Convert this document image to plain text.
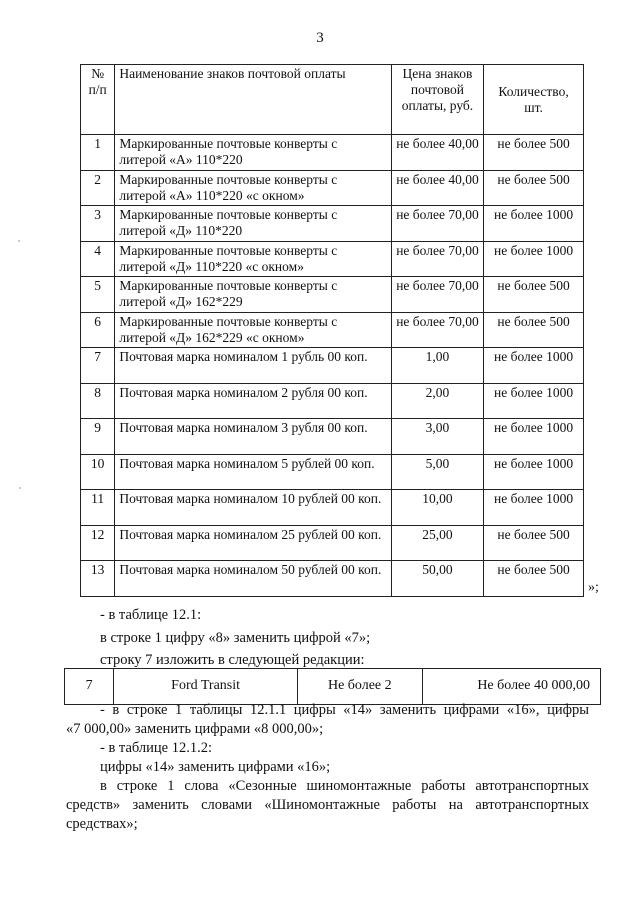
3
№ п/п	Наименование знаков почтовой оплаты	Цена знаков почтовой оплаты, руб.	Количество, шт.
1	Маркированные почтовые конверты с литерой «А» 110*220	не более 40,00	не более 500
2	Маркированные почтовые конверты с литерой «А» 110*220 «с окном»	не более 40,00	не более 500
3	Маркированные почтовые конверты с литерой «Д» 110*220	не более 70,00	не более 1000
4	Маркированные почтовые конверты с литерой «Д» 110*220 «с окном»	не более 70,00	не более 1000
5	Маркированные почтовые конверты с литерой «Д» 162*229	не более 70,00	не более 500
6	Маркированные почтовые конверты с литерой «Д» 162*229 «с окном»	не более 70,00	не более 500
7	Почтовая марка номиналом 1 рубль 00 коп.	1,00	не более 1000
8	Почтовая марка номиналом 2 рубля 00 коп.	2,00	не более 1000
9	Почтовая марка номиналом 3 рубля 00 коп.	3,00	не более 1000
10	Почтовая марка номиналом 5 рублей 00 коп.	5,00	не более 1000
11	Почтовая марка номиналом 10 рублей 00 коп.	10,00	не более 1000
12	Почтовая марка номиналом 25 рублей 00 коп.	25,00	не более 500
13	Почтовая марка номиналом 50 рублей 00 коп.	50,00	не более 500
»;
- в таблице 12.1:
в строке 1 цифру «8» заменить цифрой «7»;
строку 7 изложить в следующей редакции:
7	Ford Transit	Не более 2	Не более 40 000,00
- в строке 1 таблицы 12.1.1 цифры «14» заменить цифрами «16», цифры
«7 000,00» заменить цифрами «8 000,00»;
- в таблице 12.1.2:
цифры «14» заменить цифрами «16»;
в строке 1 слова «Сезонные шиномонтажные работы автотранспортных
средств» заменить словами «Шиномонтажные работы на автотранспортных
средствах»;
